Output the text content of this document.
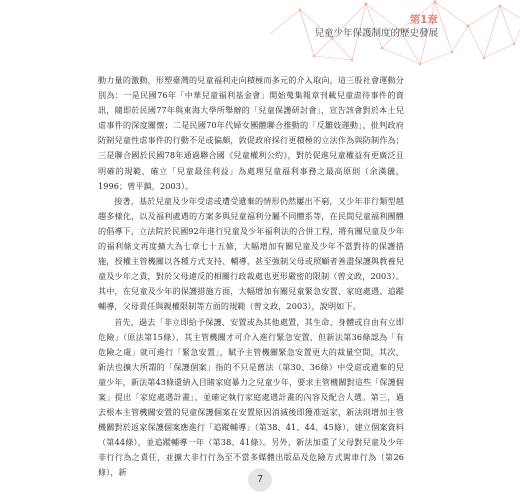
第1章
兒童少年保護制度的歷史發展

動力量的激動，形塑臺灣的兒童福利走向積極而多元的介入取向，這三股社會運動分別為：一是民國76年「中華兒童福利基金會」開始蒐集報章刊載兒童虐待事件的資訊，隨即於民國77年與東海大學所舉辦的「兒童保護研討會」，宣告該會對於本土兒虐事件的深度關懷；二是民國70年代婦女團體聯合推動的「反雛妓運動」，批判政府防制兒童性虐事件的行動不足或偏頗，敦促政府採行更積極的立法作為與防制作為；三是聯合國於民國78年通過聯合國《兒童權利公約》，對於促進兒童權益有更廣泛且明確的規範，確立「兒童最佳利益」為處理兒童福利事務之最高原則（余漢儀，1996；曾平鎮，2003）。

接著，基於兒童及少年受虐或遭受遺棄的情形仍然屢出不窮，又少年非行類型越趨多樣化，以及福利處遇的方案多與兒童福利分屬不同體系等，在民間兒童福利團體的倡導下，立法院於民國92年進行兒童及少年福利法的合併工程，將有關兒童及少年的福利條文再度擴大為七章七十五條，大幅增加有關兒童及少年不當對待的保護措施，授權主管機關以各種方式支持、輔導，甚至強制父母或照顧者善盡保護與教養兒童及少年之責，對於父母違反的相關行政裁處也更形嚴密的限制（曾文政，2003）。其中，在兒童及少年的保護措施方面，大幅增加有關兒童緊急安置、家庭處遇、追蹤輔導，父母責任與親權限制等方面的規範（曾文政，2003），說明如下。

首先，過去「非立即給予保護、安置或為其他處置，其生命、身體或自由有立即危險」（原法第15條），其主管機關才可介入進行緊急安置，但新法第36條認為「有危險之虞」就可進行「緊急安置」，賦予主管機關緊急安置更大的裁量空間，其次，新法也擴大所謂的「保護個案」指的不只是舊法（第30、36條）中受虐或遺棄的兒童少年，新法第43條還納入目睹家庭暴力之兒童少年，要求主管機關對這些「保護個案」提出「家庭處遇計畫」，並確定執行家庭處遇計畫的內容及配合人選。第三，過去根本主管機關安置的兒童保護個案在安置原因消滅後即獲准返家，新法則增加主管機關對於返家保護個案應進行「追蹤輔導」（第38、41、44、45條），建立個案資料（第44條），並追蹤輔導一年（第38、41條）。另外，新法加重了父母對兒童及少年非行行為之責任，並擴大非行行為至不當多媒體出版品及危險方式駕車行為（第26條），新

7
